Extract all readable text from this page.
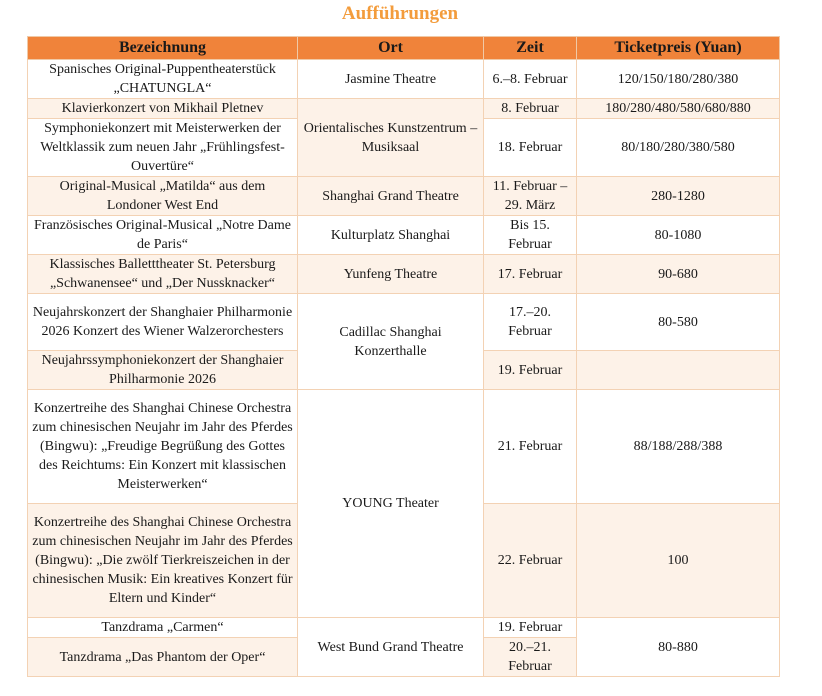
Aufführungen
Bezeichnung	Ort	Zeit	Ticketpreis (Yuan)
Spanisches Original-Puppentheaterstück „CHATUNGLA“	Jasmine Theatre	6.–8. Februar	120/150/180/280/380
Klavierkonzert von Mikhail Pletnev	Orientalisches Kunstzentrum – Musiksaal	8. Februar	180/280/480/580/680/880
Symphoniekonzert mit Meisterwerken der Weltklassik zum neuen Jahr „Frühlingsfest-Ouvertüre“		18. Februar	80/180/280/380/580
Original-Musical „Matilda“ aus dem Londoner West End	Shanghai Grand Theatre	11. Februar – 29. März	280-1280
Französisches Original-Musical „Notre Dame de Paris“	Kulturplatz Shanghai	Bis 15. Februar	80-1080
Klassisches Balletttheater St. Petersburg „Schwanensee“ und „Der Nussknacker“	Yunfeng Theatre	17. Februar	90-680
Neujahrskonzert der Shanghaier Philharmonie 2026 Konzert des Wiener Walzerorchesters	Cadillac Shanghai Konzerthalle	17.–20. Februar	80-580
Neujahrssymphoniekonzert der Shanghaier Philharmonie 2026		19. Februar	
Konzertreihe des Shanghai Chinese Orchestra zum chinesischen Neujahr im Jahr des Pferdes (Bingwu): „Freudige Begrüßung des Gottes des Reichtums: Ein Konzert mit klassischen Meisterwerken“	YOUNG Theater	21. Februar	88/188/288/388
Konzertreihe des Shanghai Chinese Orchestra zum chinesischen Neujahr im Jahr des Pferdes (Bingwu): „Die zwölf Tierkreiszeichen in der chinesischen Musik: Ein kreatives Konzert für Eltern und Kinder“		22. Februar	100
Tanzdrama „Carmen“	West Bund Grand Theatre	19. Februar	80-880
Tanzdrama „Das Phantom der Oper“		20.–21. Februar	
